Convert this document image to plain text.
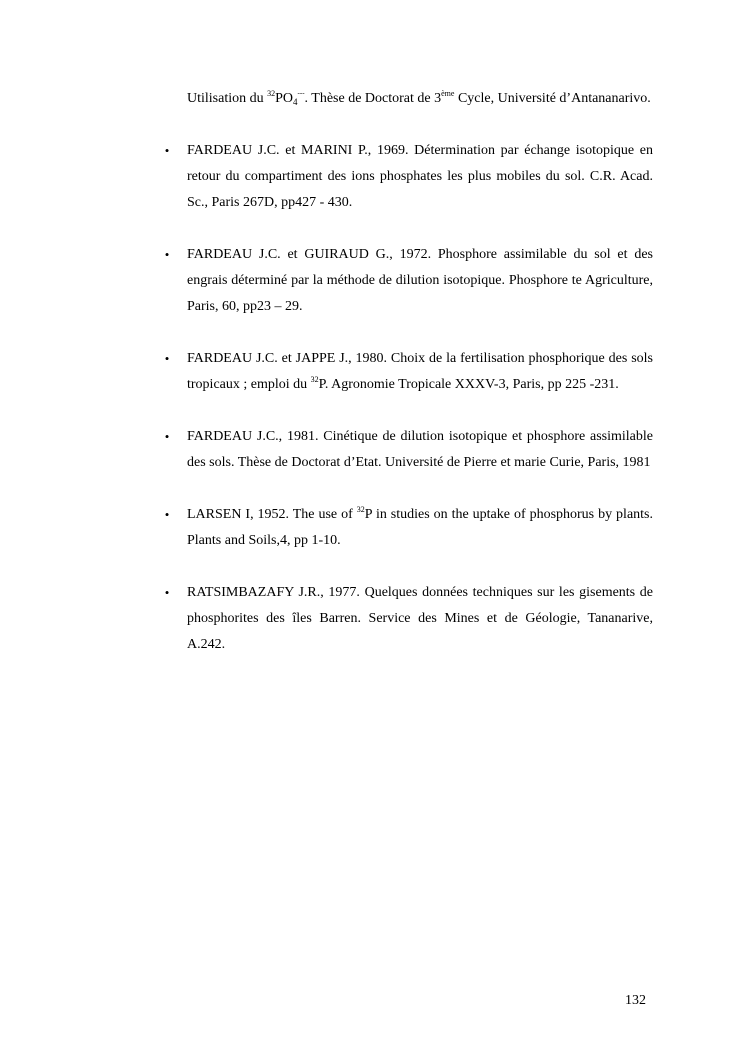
Utilisation du $^{32}PO_4^{---}$. Thèse de Doctorat de 3ème Cycle, Université d’Antananarivo.

• FARDEAU J.C. et MARINI P., 1969. Détermination par échange isotopique en retour du compartiment des ions phosphates les plus mobiles du sol. C.R. Acad. Sc., Paris 267D, pp427 - 430.

• FARDEAU J.C. et GUIRAUD G., 1972. Phosphore assimilable du sol et des engrais déterminé par la méthode de dilution isotopique. Phosphore te Agriculture, Paris, 60, pp23 – 29.

• FARDEAU J.C. et JAPPE J., 1980. Choix de la fertilisation phosphorique des sols tropicaux ; emploi du $^{32}$P. Agronomie Tropicale XXXV-3, Paris, pp 225 -231.

• FARDEAU J.C., 1981. Cinétique de dilution isotopique et phosphore assimilable des sols. Thèse de Doctorat d’Etat. Université de Pierre et marie Curie, Paris, 1981

• LARSEN I, 1952. The use of $^{32}$P in studies on the uptake of phosphorus by plants. Plants and Soils,4, pp 1-10.

• RATSIMBAZAFY J.R., 1977. Quelques données techniques sur les gisements de phosphorites des îles Barren. Service des Mines et de Géologie, Tananarive, A.242.

132
